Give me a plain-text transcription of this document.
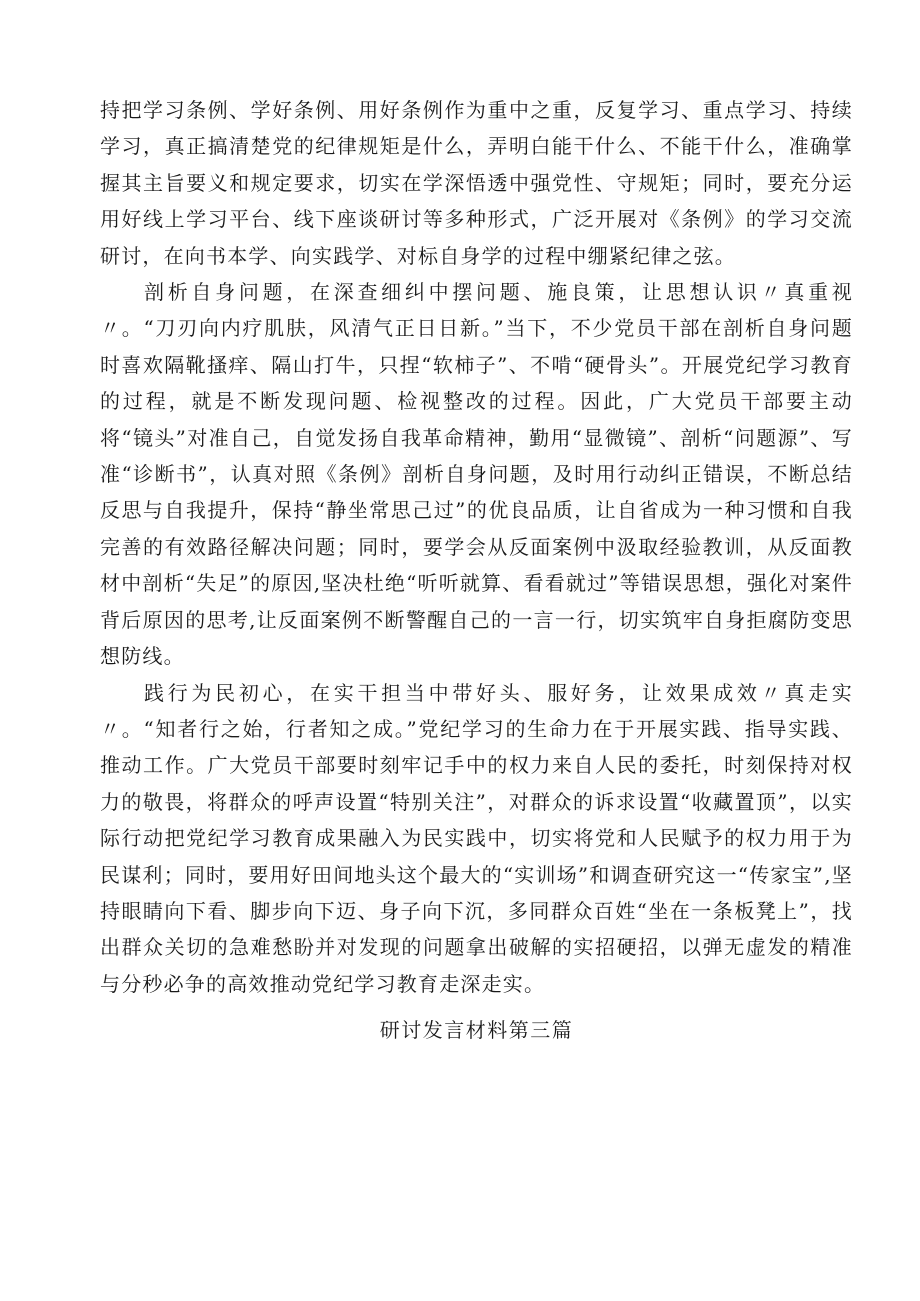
持把学习条例、学好条例、用好条例作为重中之重，反复学习、重点学习、持续学习，真正搞清楚党的纪律规矩是什么，弄明白能干什么、不能干什么，准确掌握其主旨要义和规定要求，切实在学深悟透中强党性、守规矩；同时，要充分运用好线上学习平台、线下座谈研讨等多种形式，广泛开展对《条例》的学习交流研讨，在向书本学、向实践学、对标自身学的过程中绷紧纪律之弦。

剖析自身问题，在深查细纠中摆问题、施良策，让思想认识〃真重视〃。“刀刃向内疗肌肤，风清气正日日新。”当下，不少党员干部在剖析自身问题时喜欢隔靴搔痒、隔山打牛，只捏“软柿子”、不啃“硬骨头”。开展党纪学习教育的过程，就是不断发现问题、检视整改的过程。因此，广大党员干部要主动将“镜头”对准自己，自觉发扬自我革命精神，勤用“显微镜”、剖析“问题源”、写准“诊断书”，认真对照《条例》剖析自身问题，及时用行动纠正错误，不断总结反思与自我提升，保持“静坐常思己过”的优良品质，让自省成为一种习惯和自我完善的有效路径解决问题；同时，要学会从反面案例中汲取经验教训，从反面教材中剖析“失足”的原因,坚决杜绝“听听就算、看看就过”等错误思想，强化对案件背后原因的思考,让反面案例不断警醒自己的一言一行，切实筑牢自身拒腐防变思想防线。

践行为民初心，在实干担当中带好头、服好务，让效果成效〃真走实〃。“知者行之始，行者知之成。”党纪学习的生命力在于开展实践、指导实践、推动工作。广大党员干部要时刻牢记手中的权力来自人民的委托，时刻保持对权力的敬畏，将群众的呼声设置“特别关注”，对群众的诉求设置“收藏置顶”，以实际行动把党纪学习教育成果融入为民实践中，切实将党和人民赋予的权力用于为民谋利；同时，要用好田间地头这个最大的“实训场”和调查研究这一“传家宝”,坚持眼睛向下看、脚步向下迈、身子向下沉，多同群众百姓“坐在一条板凳上”，找出群众关切的急难愁盼并对发现的问题拿出破解的实招硬招，以弹无虚发的精准与分秒必争的高效推动党纪学习教育走深走实。

研讨发言材料第三篇
